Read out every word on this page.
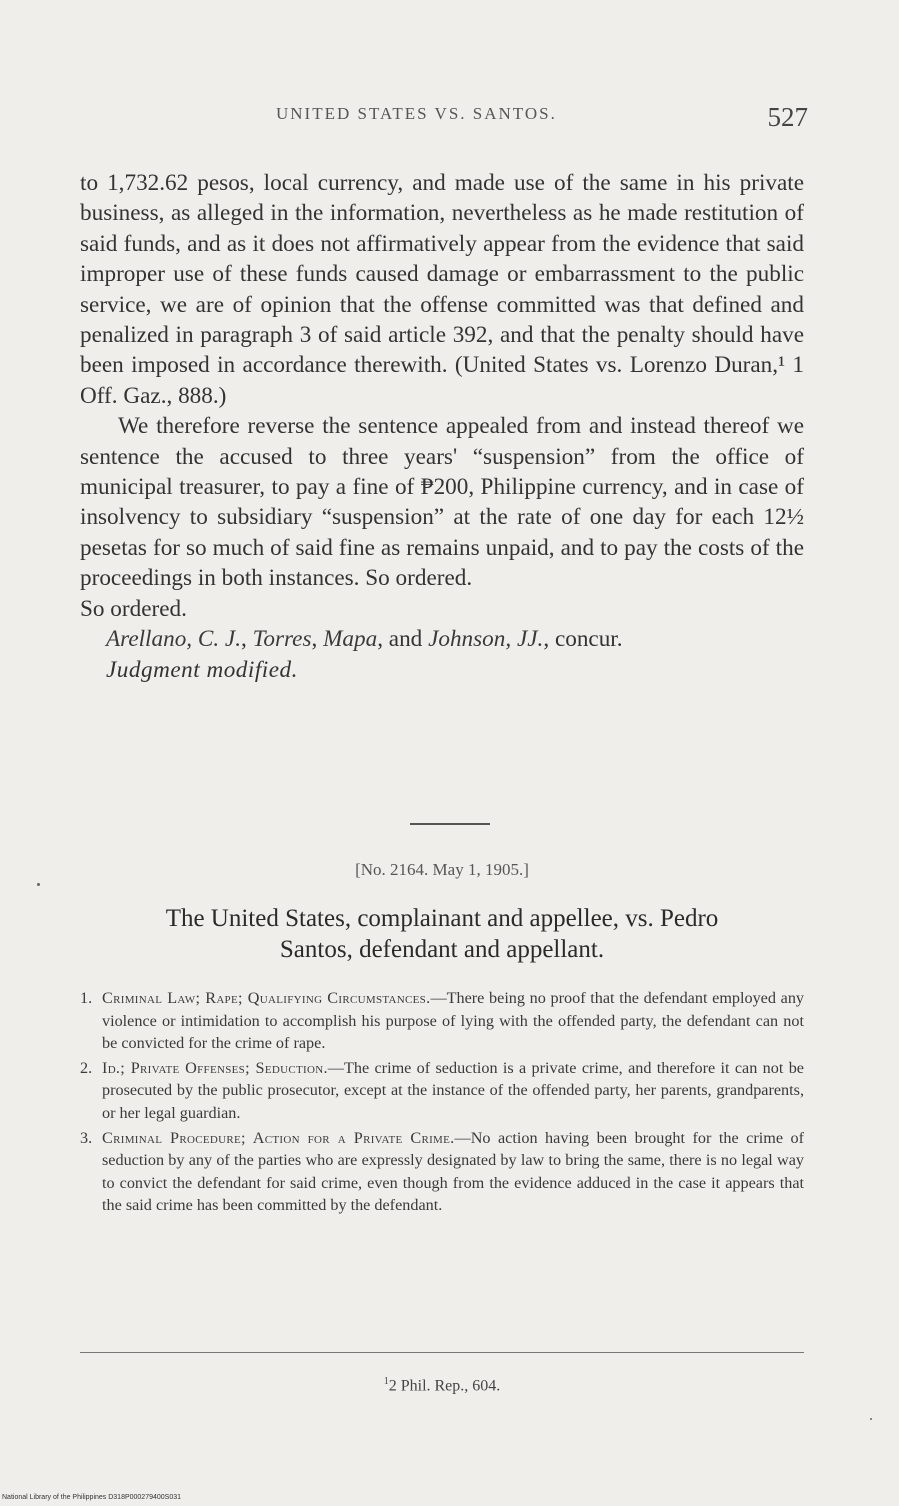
UNITED STATES VS. SANTOS.	527

to 1,732.62 pesos, local currency, and made use of the same in his private business, as alleged in the information, nevertheless as he made restitution of said funds, and as it does not affirmatively appear from the evidence that said improper use of these funds caused damage or embarrassment to the public service, we are of opinion that the offense committed was that defined and penalized in paragraph 3 of said article 392, and that the penalty should have been imposed in accordance therewith. (United States vs. Lorenzo Duran,¹ 1 Off. Gaz., 888.)

We therefore reverse the sentence appealed from and instead thereof we sentence the accused to three years' “suspension” from the office of municipal treasurer, to pay a fine of ₱200, Philippine currency, and in case of insolvency to subsidiary “suspension” at the rate of one day for each 12½ pesetas for so much of said fine as remains unpaid, and to pay the costs of the proceedings in both instances. So ordered.

So ordered.

Arellano, C. J., Torres, Mapa, and Johnson, JJ., concur.

Judgment modified.

[No. 2164. May 1, 1905.]
The United States, complainant and appellee, vs. Pedro
Santos, defendant and appellant.

1. Criminal Law; Rape; Qualifying Circumstances.—There being no proof that the defendant employed any violence or intimidation to accomplish his purpose of lying with the offended party, the defendant can not be convicted for the crime of rape.

2. Id.; Private Offenses; Seduction.—The crime of seduction is a private crime, and therefore it can not be prosecuted by the public prosecutor, except at the instance of the offended party, her parents, grandparents, or her legal guardian.

3. Criminal Procedure; Action for a Private Crime.—No action having been brought for the crime of seduction by any of the parties who are expressly designated by law to bring the same, there is no legal way to convict the defendant for said crime, even though from the evidence adduced in the case it appears that the said crime has been committed by the defendant.

$^1$2 Phil. Rep., 604.
National Library of the Philippines D318P000279400S031
